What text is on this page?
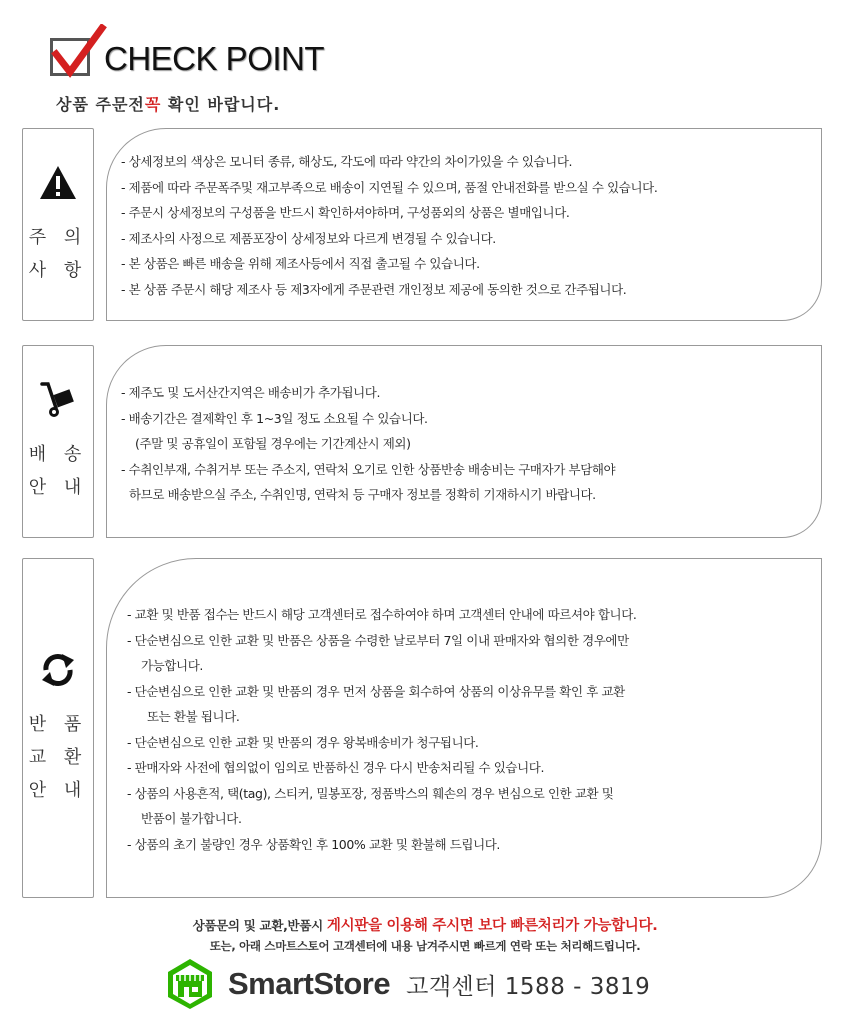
CHECK POINT
상품 주문전꼭 확인 바랍니다.
주 의
사 항
- 상세정보의 색상은 모니터 종류, 해상도, 각도에 따라 약간의 차이가있을 수 있습니다.
- 제품에 따라 주문폭주및 재고부족으로 배송이 지연될 수 있으며, 품절 안내전화를 받으실 수 있습니다.
- 주문시 상세정보의 구성품을 반드시 확인하셔야하며, 구성품외의 상품은 별매입니다.
- 제조사의 사정으로 제품포장이 상세정보와 다르게 변경될 수 있습니다.
- 본 상품은 빠른 배송을 위해 제조사등에서 직접 출고될 수 있습니다.
- 본 상품 주문시 해당 제조사 등 제3자에게 주문관련 개인정보 제공에 동의한 것으로 간주됩니다.
배 송
안 내
- 제주도 및 도서산간지역은 배송비가 추가됩니다.
- 배송기간은 결제확인 후 1~3일 정도 소요될 수 있습니다.
(주말 및 공휴일이 포함될 경우에는 기간계산시 제외)
- 수취인부재, 수취거부 또는 주소지, 연락처 오기로 인한 상품반송 배송비는 구매자가 부담해야
하므로 배송받으실 주소, 수취인명, 연락처 등 구매자 정보를 정확히 기재하시기 바랍니다.
반 품
교 환
안 내
- 교환 및 반품 접수는 반드시 해당 고객센터로 접수하여야 하며 고객센터 안내에 따르셔야 합니다.
- 단순변심으로 인한 교환 및 반품은 상품을 수령한 날로부터 7일 이내 판매자와 협의한 경우에만
가능합니다.
- 단순변심으로 인한 교환 및 반품의 경우 먼저 상품을 회수하여 상품의 이상유무를 확인 후 교환
또는 환불 됩니다.
- 단순변심으로 인한 교환 및 반품의 경우 왕복배송비가 청구됩니다.
- 판매자와 사전에 협의없이 임의로 반품하신 경우 다시 반송처리될 수 있습니다.
- 상품의 사용흔적, 택(tag), 스티커, 밀봉포장, 정품박스의 훼손의 경우 변심으로 인한 교환 및
반품이 불가합니다.
- 상품의 초기 불량인 경우 상품확인 후 100% 교환 및 환불해 드립니다.
상품문의 및 교환,반품시 게시판을 이용해 주시면 보다 빠른처리가 가능합니다.
또는, 아래 스마트스토어 고객센터에 내용 남겨주시면 빠르게 연락 또는 처리해드립니다.
SmartStore 고객센터 1588 - 3819
